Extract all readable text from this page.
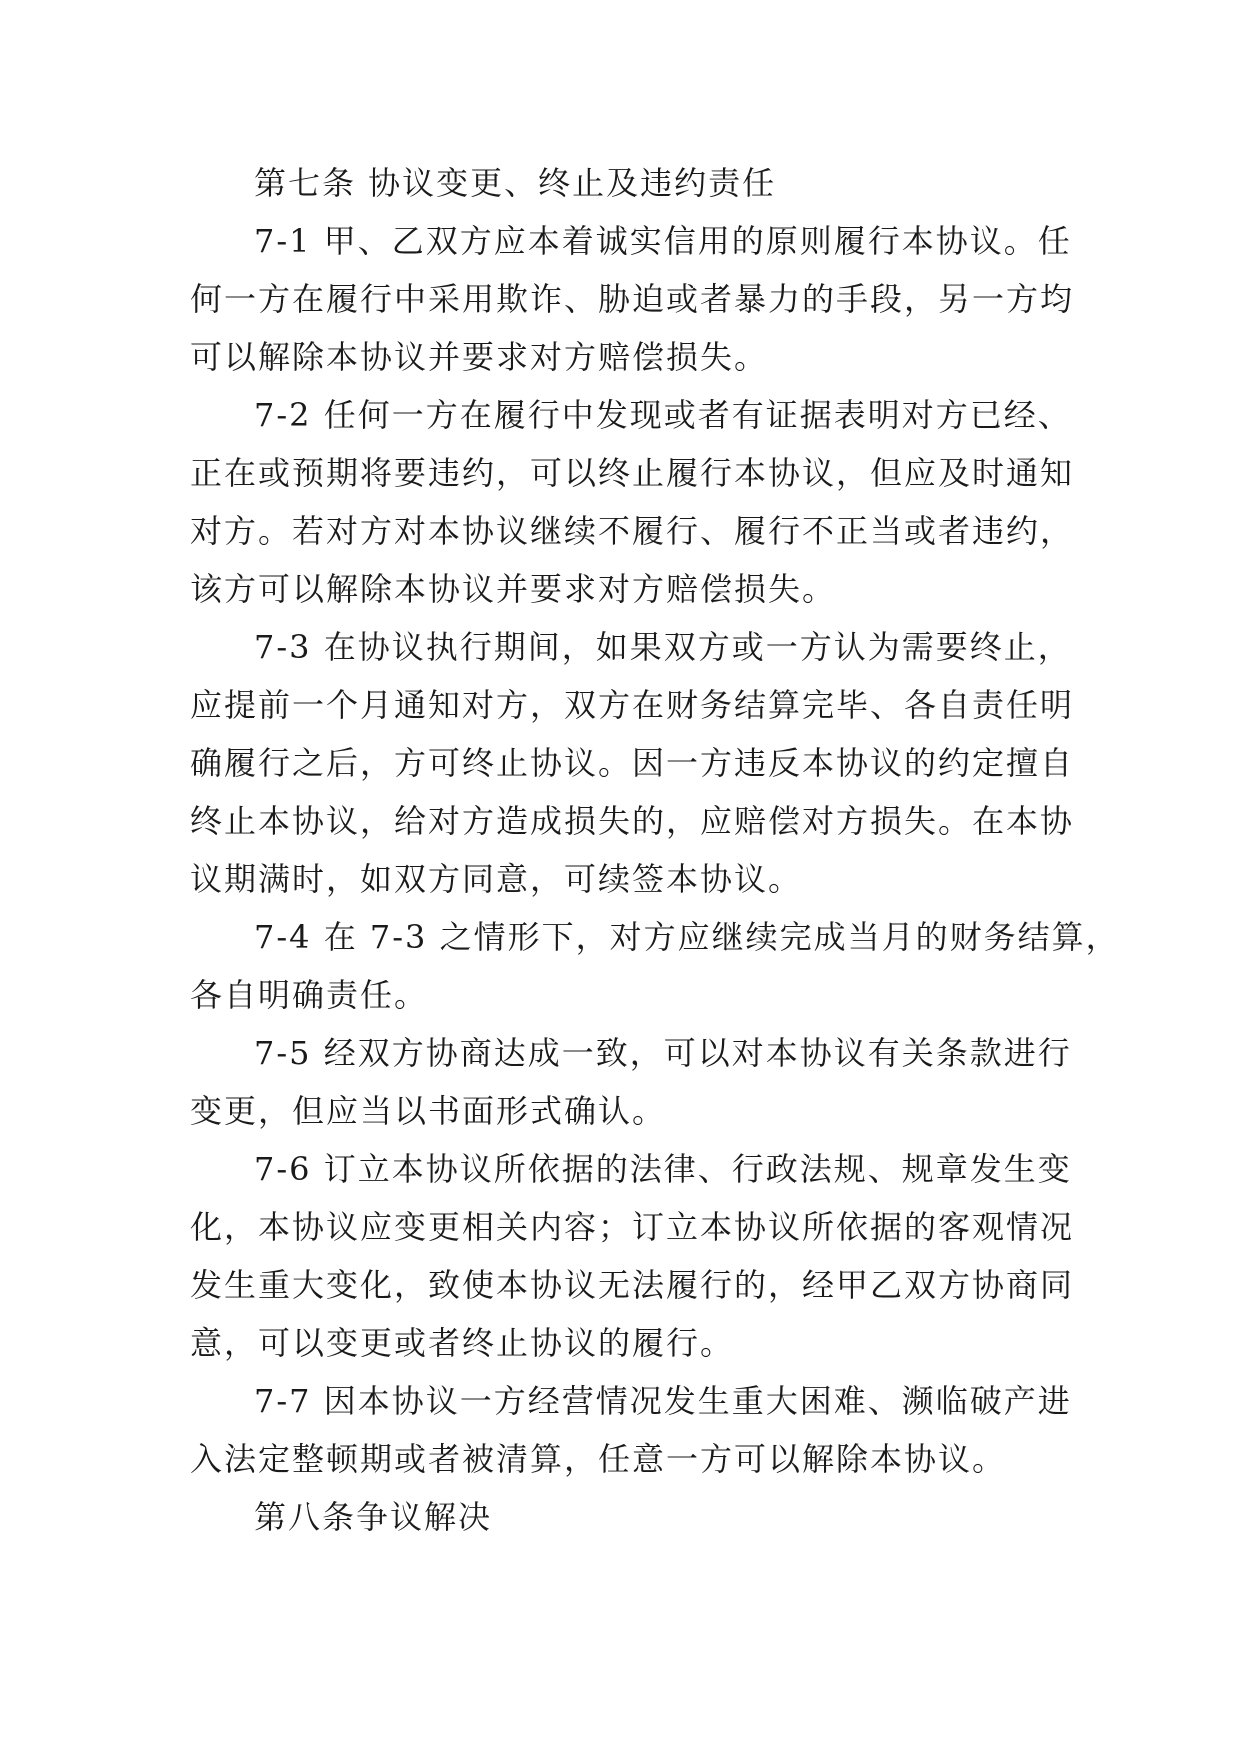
第七条 协议变更、终止及违约责任

7-1 甲、乙双方应本着诚实信用的原则履行本协议。任
何一方在履行中采用欺诈、胁迫或者暴力的手段，另一方均
可以解除本协议并要求对方赔偿损失。

7-2 任何一方在履行中发现或者有证据表明对方已经、
正在或预期将要违约，可以终止履行本协议，但应及时通知
对方。若对方对本协议继续不履行、履行不正当或者违约，
该方可以解除本协议并要求对方赔偿损失。

7-3 在协议执行期间，如果双方或一方认为需要终止，
应提前一个月通知对方，双方在财务结算完毕、各自责任明
确履行之后，方可终止协议。因一方违反本协议的约定擅自
终止本协议，给对方造成损失的，应赔偿对方损失。在本协
议期满时，如双方同意，可续签本协议。

7-4 在 7-3 之情形下，对方应继续完成当月的财务结算，
各自明确责任。

7-5 经双方协商达成一致，可以对本协议有关条款进行
变更，但应当以书面形式确认。

7-6 订立本协议所依据的法律、行政法规、规章发生变
化，本协议应变更相关内容；订立本协议所依据的客观情况
发生重大变化，致使本协议无法履行的，经甲乙双方协商同
意，可以变更或者终止协议的履行。

7-7 因本协议一方经营情况发生重大困难、濒临破产进
入法定整顿期或者被清算，任意一方可以解除本协议。

第八条争议解决
